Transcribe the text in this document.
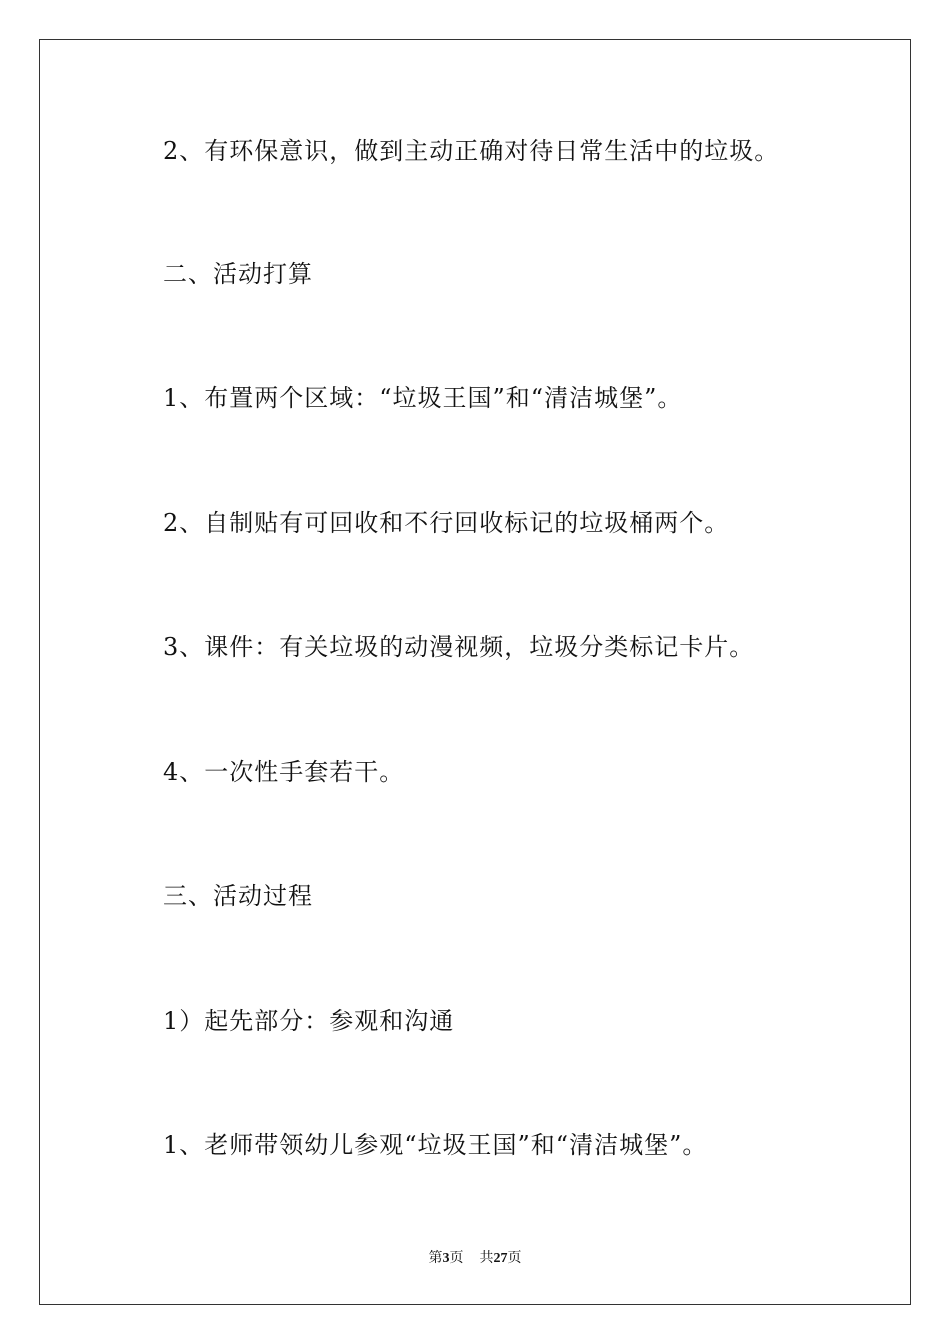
2、有环保意识，做到主动正确对待日常生活中的垃圾。
二、活动打算
1、布置两个区域：“垃圾王国”和“清洁城堡”。
2、自制贴有可回收和不行回收标记的垃圾桶两个。
3、课件：有关垃圾的动漫视频，垃圾分类标记卡片。
4、一次性手套若干。
三、活动过程
1）起先部分：参观和沟通
1、老师带领幼儿参观“垃圾王国”和“清洁城堡”。
第3页 共27页
